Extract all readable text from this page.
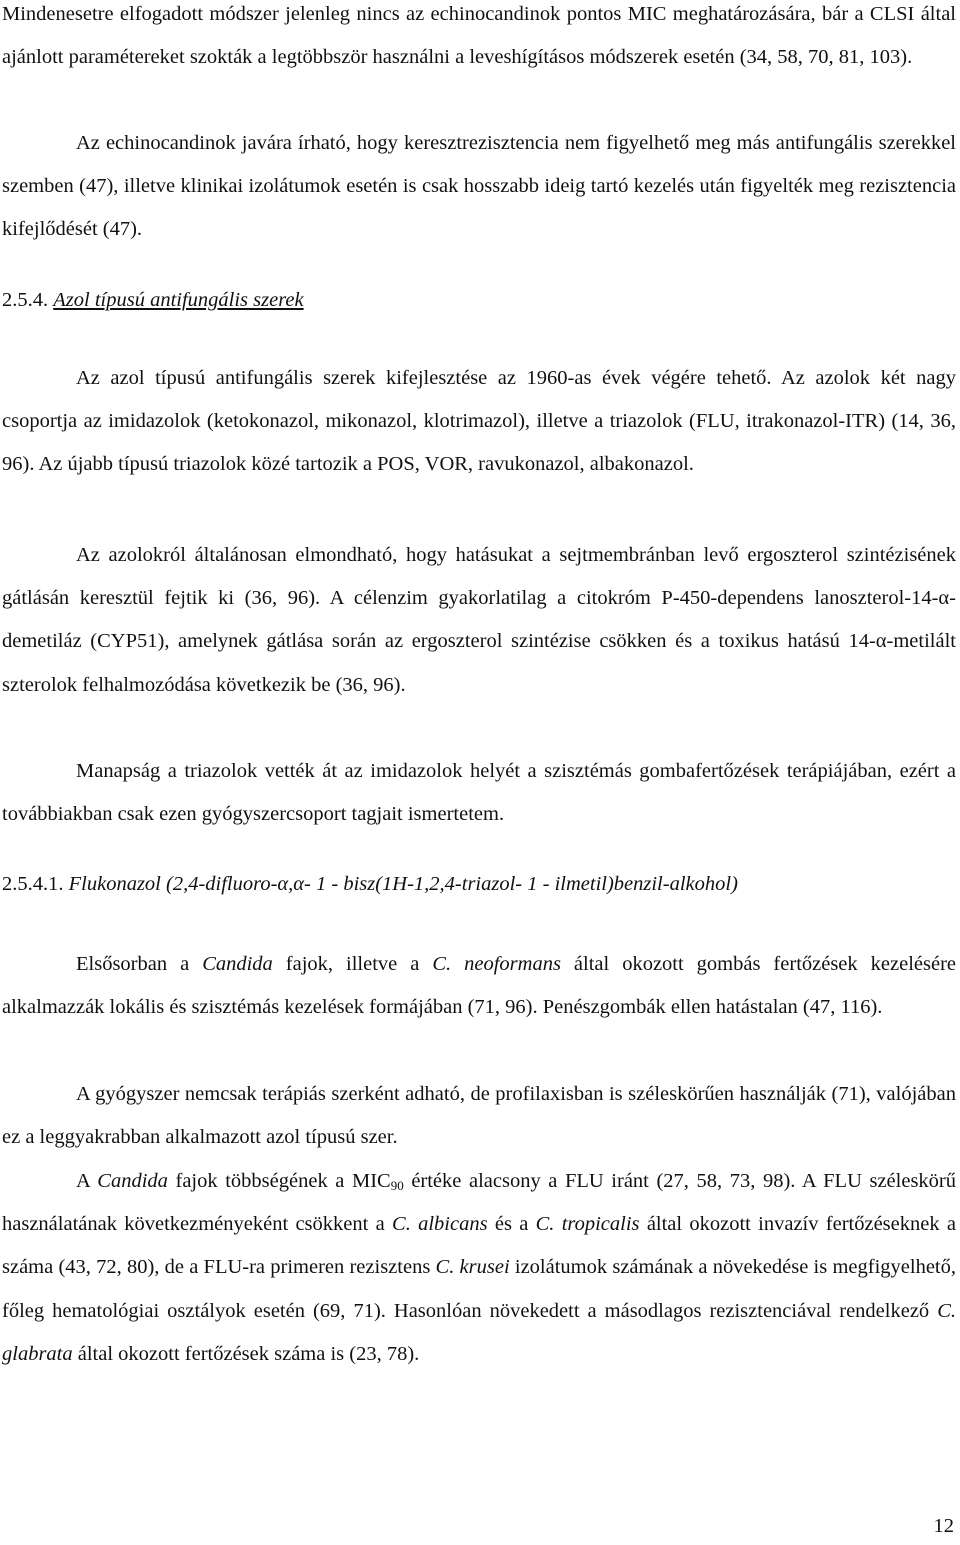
Mindenesetre elfogadott módszer jelenleg nincs az echinocandinok pontos MIC meghatározására, bár a CLSI által ajánlott paramétereket szokták a legtöbbször használni a leveshígításos módszerek esetén (34, 58, 70, 81, 103).

Az echinocandinok javára írható, hogy keresztrezisztencia nem figyelhető meg más antifungális szerekkel szemben (47), illetve klinikai izolátumok esetén is csak hosszabb ideig tartó kezelés után figyelték meg rezisztencia kifejlődését (47).

2.5.4. Azol típusú antifungális szerek

Az azol típusú antifungális szerek kifejlesztése az 1960-as évek végére tehető. Az azolok két nagy csoportja az imidazolok (ketokonazol, mikonazol, klotrimazol), illetve a triazolok (FLU, itrakonazol-ITR) (14, 36, 96). Az újabb típusú triazolok közé tartozik a POS, VOR, ravukonazol, albakonazol.

Az azolokról általánosan elmondható, hogy hatásukat a sejtmembránban levő ergoszterol szintézisének gátlásán keresztül fejtik ki (36, 96). A célenzim gyakorlatilag a citokróm P-450-dependens lanoszterol-14-α-demetiláz (CYP51), amelynek gátlása során az ergoszterol szintézise csökken és a toxikus hatású 14-α-metilált szterolok felhalmozódása következik be (36, 96).

Manapság a triazolok vették át az imidazolok helyét a szisztémás gombafertőzések terápiájában, ezért a továbbiakban csak ezen gyógyszercsoport tagjait ismertetem.

2.5.4.1. Flukonazol (2,4-difluoro-α,α- 1 - bisz(1H-1,2,4-triazol- 1 - ilmetil)benzil-alkohol)

Elsősorban a Candida fajok, illetve a C. neoformans által okozott gombás fertőzések kezelésére alkalmazzák lokális és szisztémás kezelések formájában (71, 96). Penészgombák ellen hatástalan (47, 116).

A gyógyszer nemcsak terápiás szerként adható, de profilaxisban is széleskörűen használják (71), valójában ez a leggyakrabban alkalmazott azol típusú szer.

A Candida fajok többségének a $MIC_{90}$ értéke alacsony a FLU iránt (27, 58, 73, 98). A FLU széleskörű használatának következményeként csökkent a C. albicans és a C. tropicalis által okozott invazív fertőzéseknek a száma (43, 72, 80), de a FLU-ra primeren rezisztens C. krusei izolátumok számának a növekedése is megfigyelhető, főleg hematológiai osztályok esetén (69, 71). Hasonlóan növekedett a másodlagos rezisztenciával rendelkező C. glabrata által okozott fertőzések száma is (23, 78).

12
